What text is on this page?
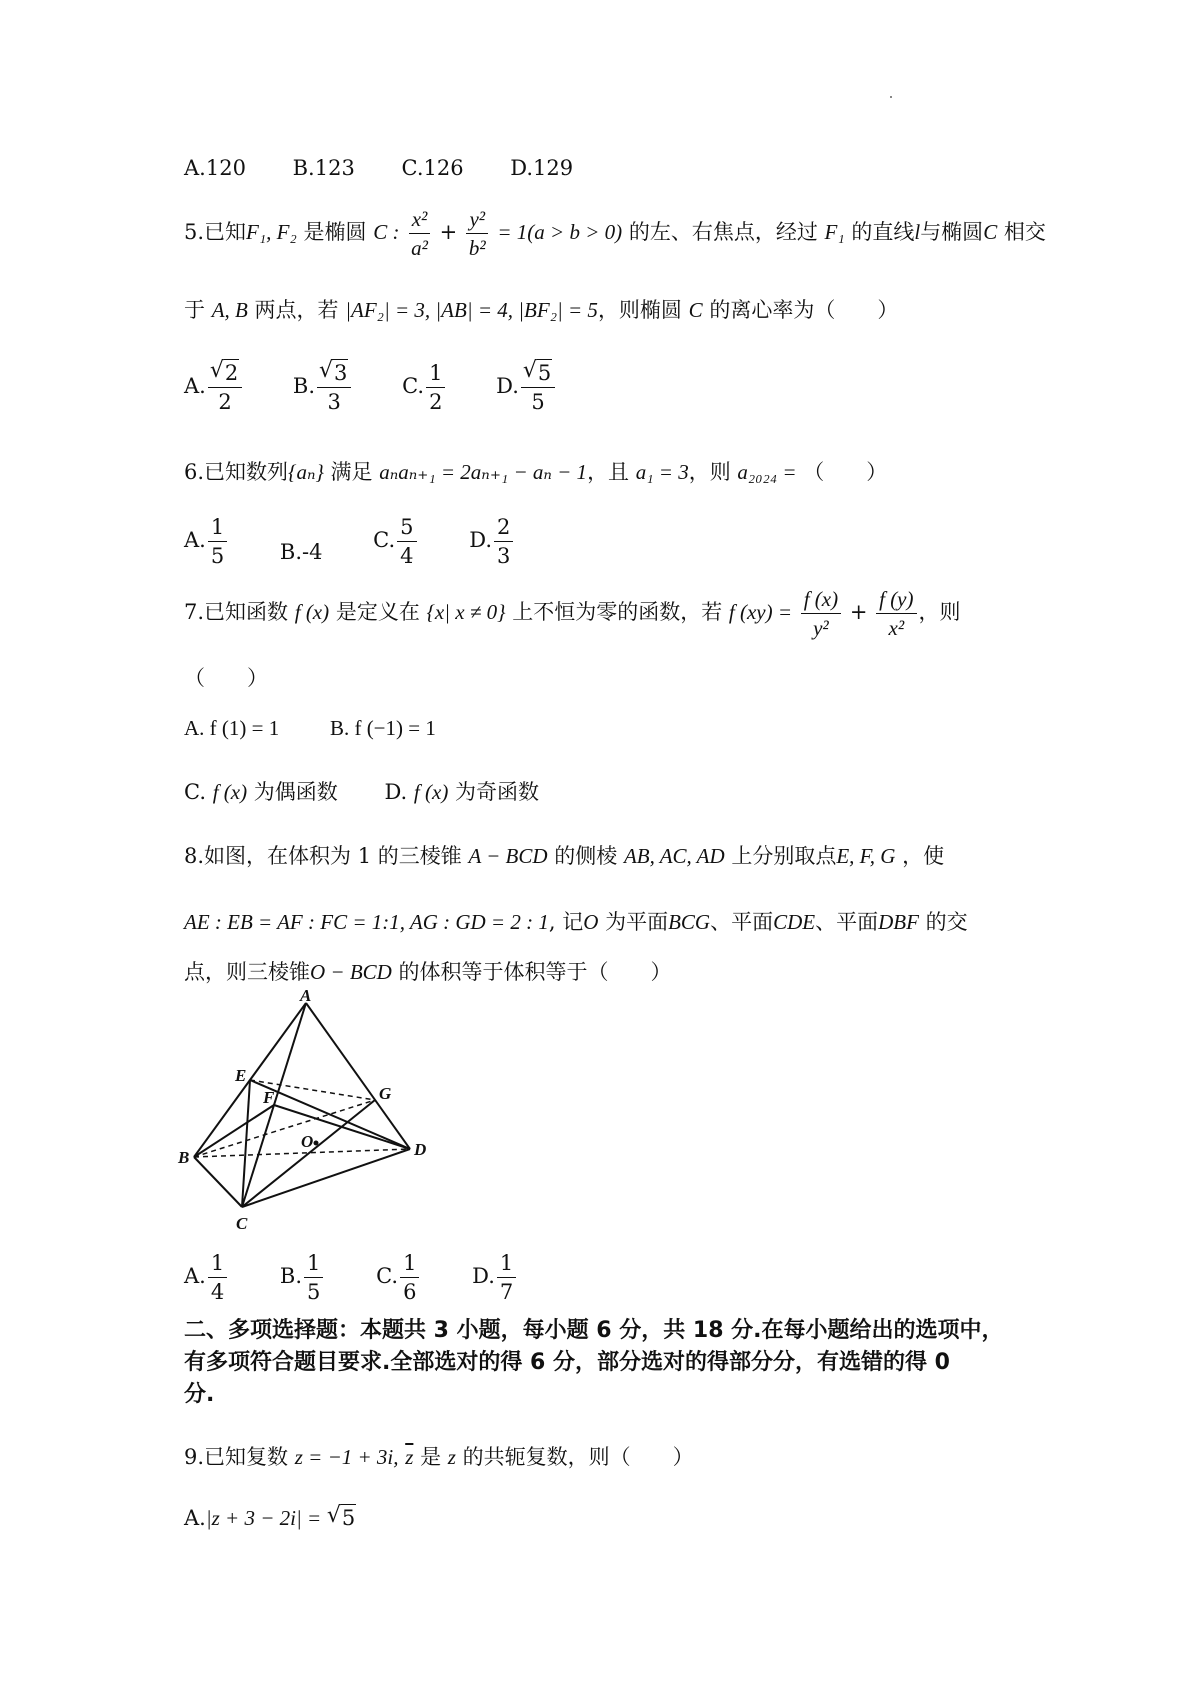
A.120 B.123 C.126 D.129
5.已知F₁, F₂ 是椭圆 C : $\frac{\text{x²}}{\text{a²}} + \frac{\text{y²}}{\text{b²}} = 1(a > b > 0)$ 的左、右焦点，经过 F₁ 的直线l与椭圆C 相交
于 A, B 两点，若 |AF₂| = 3, |AB| = 4, |BF₂| = 5，则椭圆 C 的离心率为（　　）
A. √ $\frac{2}{2} B$. √ $\frac{3}{3} C$. $\frac{1}{2} D$. √ $\frac{5}{5}$
6.已知数列{aₙ} 满足 aₙaₙ₊₁ = 2aₙ₊₁ − aₙ − 1，且 a₁ = 3，则 a₂₀₂₄ = （　　）
A. $\frac{1}{5}$	B.-4 C. $\frac{5}{4}$	D. $\frac{2}{3}$
7.已知函数 f (x) 是定义在 {x| x ≠ 0} 上不恒为零的函数，若 f $(xy) = \frac{f (x)}{\text{y²}} + \frac{f (y)}{\text{x²}}$ ，则
（　　）
A. f (1) = 1 B. f (−1) = 1
C. f (x) 为偶函数 D. f (x) 为奇函数
8.如图，在体积为 1 的三棱锥 A − BCD 的侧棱 AB, AC, AD 上分别取点E, F, G ，使
AE : EB = AF : FC = 1:1, AG : GD = 2 : 1, 记O 为平面BCG、平面CDE、平面DBF 的交
点，则三棱锥O − BCD 的体积等于体积等于（　　）
A
B
C
D
E
F	G
O
A. $\frac{1}{4}$	B. $\frac{1}{5}$	C. $\frac{1}{6}$	D. $\frac{1}{7}$
二、多项选择题：本题共 3 小题，每小题 6 分，共 18 分.在每小题给出的选项中，
有多项符合题目要求.全部选对的得 6 分，部分选对的得部分分，有选错的得 0
分.
9.已知复数 z = −1 + 3i, $\overline{z}$ 是 z 的共轭复数，则（　　）
A.|z + 3 − 2i| = √ 5
